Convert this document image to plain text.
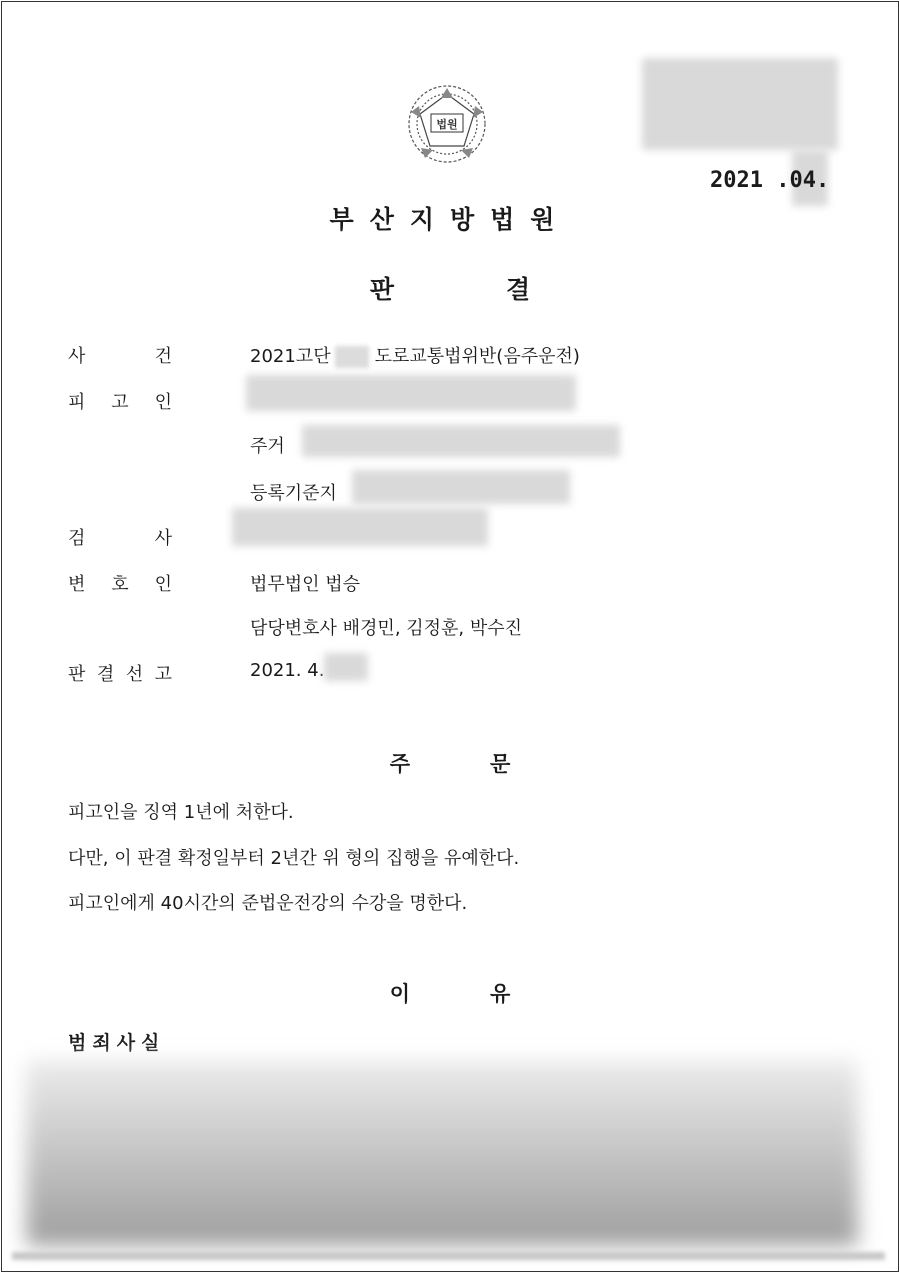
법원
2021 .04.
부산지방법원
판	결
사	건	2021고단 도로교통법위반(음주운전)
피 고 인
주거
등록기준지
검	사
변 호 인	법무법인 법승
담당변호사 배경민, 김정훈, 박수진
판 결 선 고	2021. 4.
주	문
피고인을 징역 1년에 처한다.
다만, 이 판결 확정일부터 2년간 위 형의 집행을 유예한다.
피고인에게 40시간의 준법운전강의 수강을 명한다.
이	유
범죄사실
